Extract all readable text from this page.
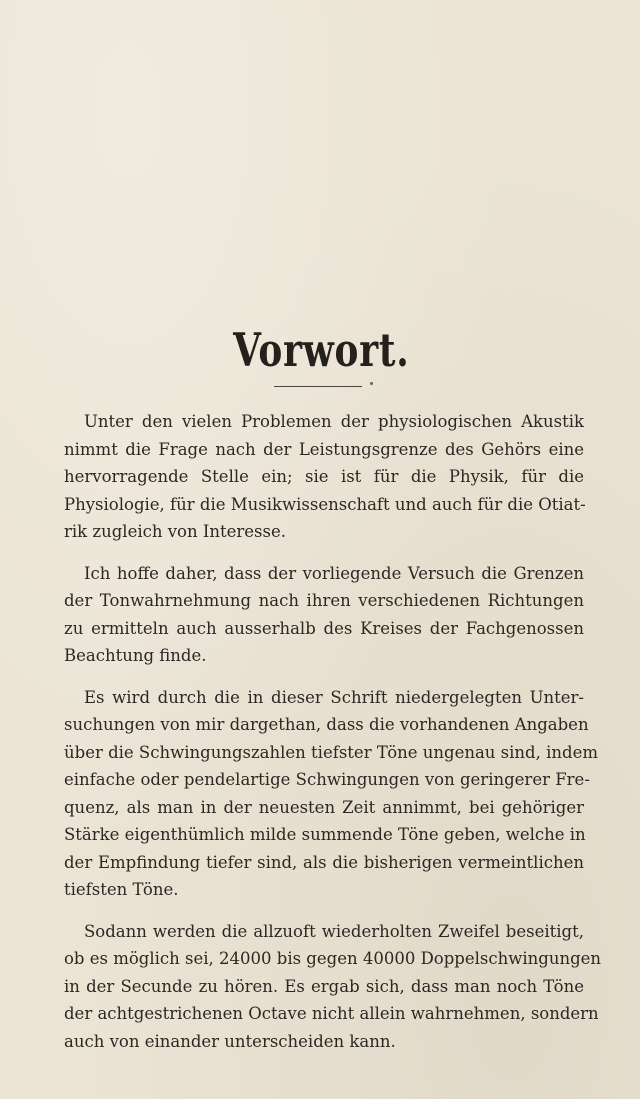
Vorwort.

Unter den vielen Problemen der physiologischen Akustik
nimmt die Frage nach der Leistungsgrenze des Gehörs eine
hervorragende Stelle ein; sie ist für die Physik, für die
Physiologie, für die Musikwissenschaft und auch für die Otiat-
rik zugleich von Interesse.

Ich hoffe daher, dass der vorliegende Versuch die Grenzen
der Tonwahrnehmung nach ihren verschiedenen Richtungen
zu ermitteln auch ausserhalb des Kreises der Fachgenossen
Beachtung finde.

Es wird durch die in dieser Schrift niedergelegten Unter-
suchungen von mir dargethan, dass die vorhandenen Angaben
über die Schwingungszahlen tiefster Töne ungenau sind, indem
einfache oder pendelartige Schwingungen von geringerer Fre-
quenz, als man in der neuesten Zeit annimmt, bei gehöriger
Stärke eigenthümlich milde summende Töne geben, welche in
der Empfindung tiefer sind, als die bisherigen vermeintlichen
tiefsten Töne.

Sodann werden die allzuoft wiederholten Zweifel beseitigt,
ob es möglich sei, 24000 bis gegen 40000 Doppelschwingungen
in der Secunde zu hören. Es ergab sich, dass man noch Töne
der achtgestrichenen Octave nicht allein wahrnehmen, sondern
auch von einander unterscheiden kann.
